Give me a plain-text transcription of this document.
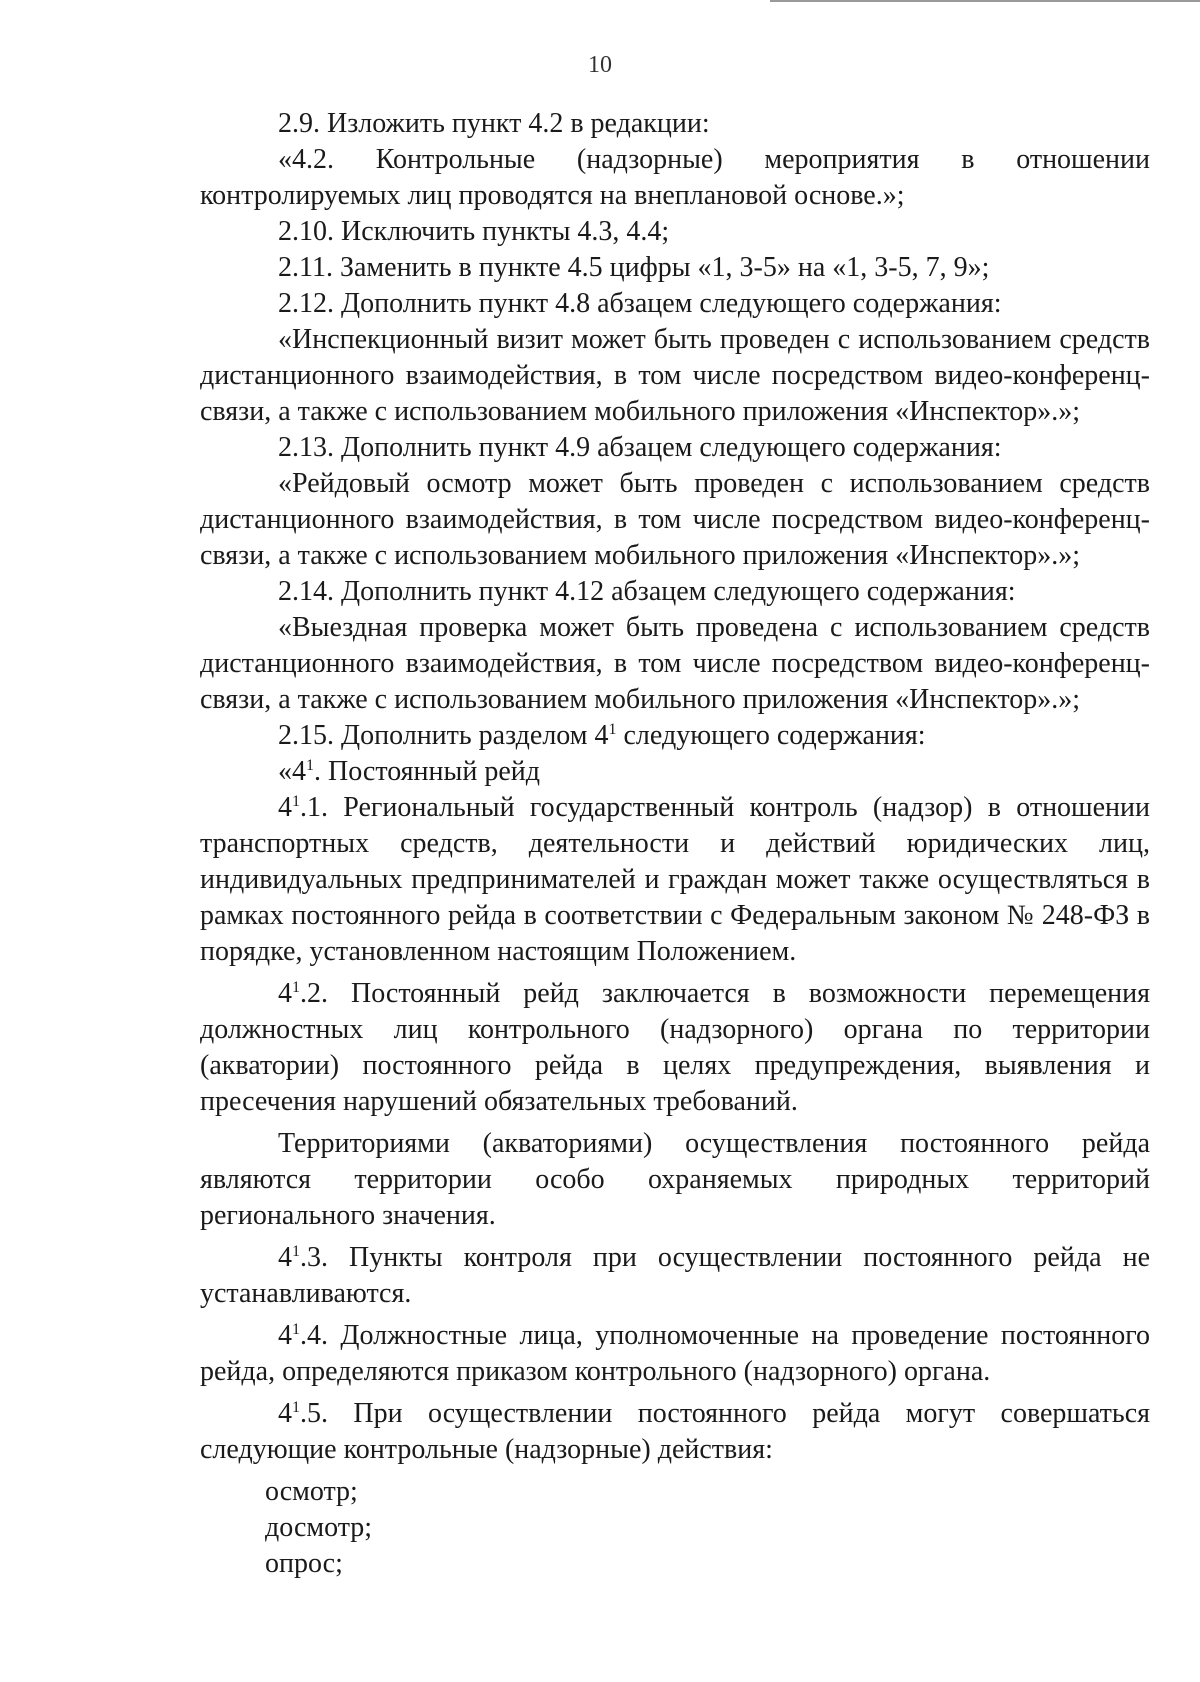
10

2.9. Изложить пункт 4.2 в редакции:

«4.2. Контрольные (надзорные) мероприятия в отношении контролируемых лиц проводятся на внеплановой основе.»;

2.10. Исключить пункты 4.3, 4.4;

2.11. Заменить в пункте 4.5 цифры «1, 3-5» на «1, 3-5, 7, 9»;

2.12. Дополнить пункт 4.8 абзацем следующего содержания:

«Инспекционный визит может быть проведен с использованием средств дистанционного взаимодействия, в том числе посредством видео-конференц-связи, а также с использованием мобильного приложения «Инспектор».»;

2.13. Дополнить пункт 4.9 абзацем следующего содержания:

«Рейдовый осмотр может быть проведен с использованием средств дистанционного взаимодействия, в том числе посредством видео-конференц-связи, а также с использованием мобильного приложения «Инспектор».»;

2.14. Дополнить пункт 4.12 абзацем следующего содержания:

«Выездная проверка может быть проведена с использованием средств дистанционного взаимодействия, в том числе посредством видео-конференц-связи, а также с использованием мобильного приложения «Инспектор».»;

2.15. Дополнить разделом $4^1$ следующего содержания:

«$4^1$. Постоянный рейд

$4^1.1$. Региональный государственный контроль (надзор) в отношении транспортных средств, деятельности и действий юридических лиц, индивидуальных предпринимателей и граждан может также осуществляться в рамках постоянного рейда в соответствии с Федеральным законом № 248-ФЗ в порядке, установленном настоящим Положением.

$4^1.2$. Постоянный рейд заключается в возможности перемещения должностных лиц контрольного (надзорного) органа по территории (акватории) постоянного рейда в целях предупреждения, выявления и пресечения нарушений обязательных требований.

Территориями (акваториями) осуществления постоянного рейда являются территории особо охраняемых природных территорий регионального значения.

$4^1.3$. Пункты контроля при осуществлении постоянного рейда не устанавливаются.

$4^1.4$. Должностные лица, уполномоченные на проведение постоянного рейда, определяются приказом контрольного (надзорного) органа.

$4^1.5$. При осуществлении постоянного рейда могут совершаться следующие контрольные (надзорные) действия:

осмотр;

досмотр;

опрос;
